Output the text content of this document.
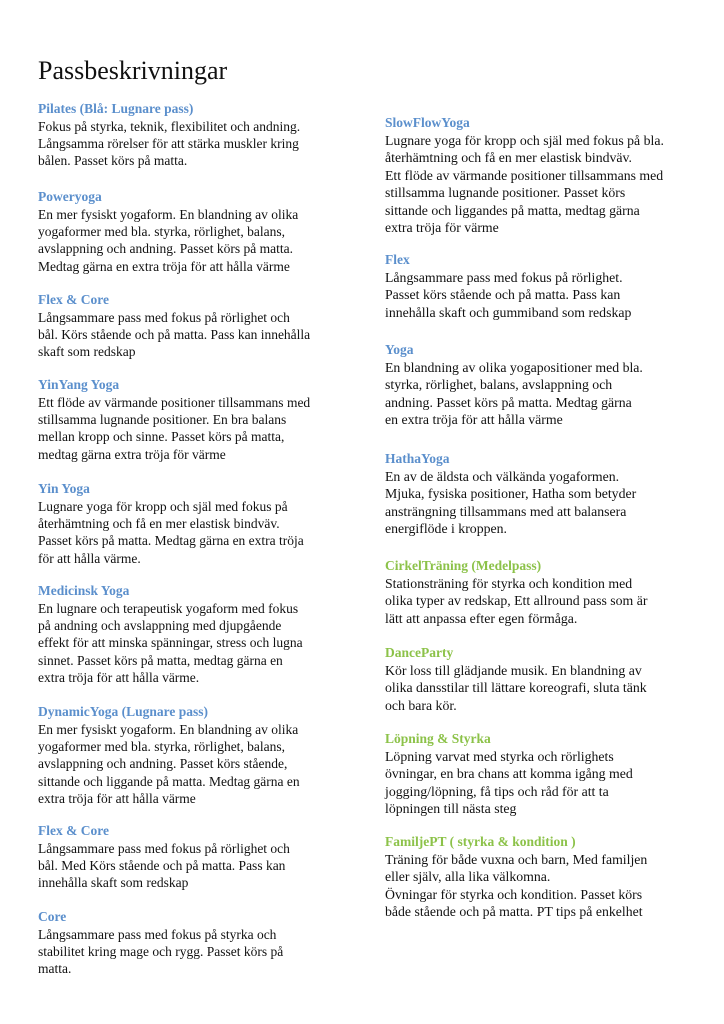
Passbeskrivningar

Pilates (Blå: Lugnare pass)

Fokus på styrka, teknik, flexibilitet och andning.
Långsamma rörelser för att stärka muskler kring
bålen. Passet körs på matta.

Poweryoga

En mer fysiskt yogaform. En blandning av olika
yogaformer med bla. styrka, rörlighet, balans,
avslappning och andning. Passet körs på matta.
Medtag gärna en extra tröja för att hålla värme

Flex & Core

Långsammare pass med fokus på rörlighet och
bål. Körs stående och på matta. Pass kan innehålla
skaft som redskap

YinYang Yoga

Ett flöde av värmande positioner tillsammans med
stillsamma lugnande positioner. En bra balans
mellan kropp och sinne. Passet körs på matta,
medtag gärna extra tröja för värme

Yin Yoga

Lugnare yoga för kropp och själ med fokus på
återhämtning och få en mer elastisk bindväv.
Passet körs på matta. Medtag gärna en extra tröja
för att hålla värme.

Medicinsk Yoga

En lugnare och terapeutisk yogaform med fokus
på andning och avslappning med djupgående
effekt för att minska spänningar, stress och lugna
sinnet. Passet körs på matta, medtag gärna en
extra tröja för att hålla värme.

DynamicYoga (Lugnare pass)

En mer fysiskt yogaform. En blandning av olika
yogaformer med bla. styrka, rörlighet, balans,
avslappning och andning. Passet körs stående,
sittande och liggande på matta. Medtag gärna en
extra tröja för att hålla värme

Flex & Core

Långsammare pass med fokus på rörlighet och
bål. Med Körs stående och på matta. Pass kan
innehålla skaft som redskap

Core

Långsammare pass med fokus på styrka och
stabilitet kring mage och rygg. Passet körs på
matta.

SlowFlowYoga

Lugnare yoga för kropp och själ med fokus på bla.
återhämtning och få en mer elastisk bindväv.
Ett flöde av värmande positioner tillsammans med
stillsamma lugnande positioner. Passet körs
sittande och liggandes på matta, medtag gärna
extra tröja för värme

Flex

Långsammare pass med fokus på rörlighet.
Passet körs stående och på matta. Pass kan
innehålla skaft och gummiband som redskap

Yoga

En blandning av olika yogapositioner med bla.
styrka, rörlighet, balans, avslappning och
andning. Passet körs på matta. Medtag gärna
en extra tröja för att hålla värme

HathaYoga

En av de äldsta och välkända yogaformen.
Mjuka, fysiska positioner, Hatha som betyder
ansträngning tillsammans med att balansera
energiflöde i kroppen.

CirkelTräning (Medelpass)

Stationsträning för styrka och kondition med
olika typer av redskap, Ett allround pass som är
lätt att anpassa efter egen förmåga.

DanceParty

Kör loss till glädjande musik. En blandning av
olika dansstilar till lättare koreografi, sluta tänk
och bara kör.

Löpning & Styrka

Löpning varvat med styrka och rörlighets
övningar, en bra chans att komma igång med
jogging/löpning, få tips och råd för att ta
löpningen till nästa steg

FamiljePT ( styrka & kondition )

Träning för både vuxna och barn, Med familjen
eller själv, alla lika välkomna.
Övningar för styrka och kondition. Passet körs
både stående och på matta. PT tips på enkelhet
